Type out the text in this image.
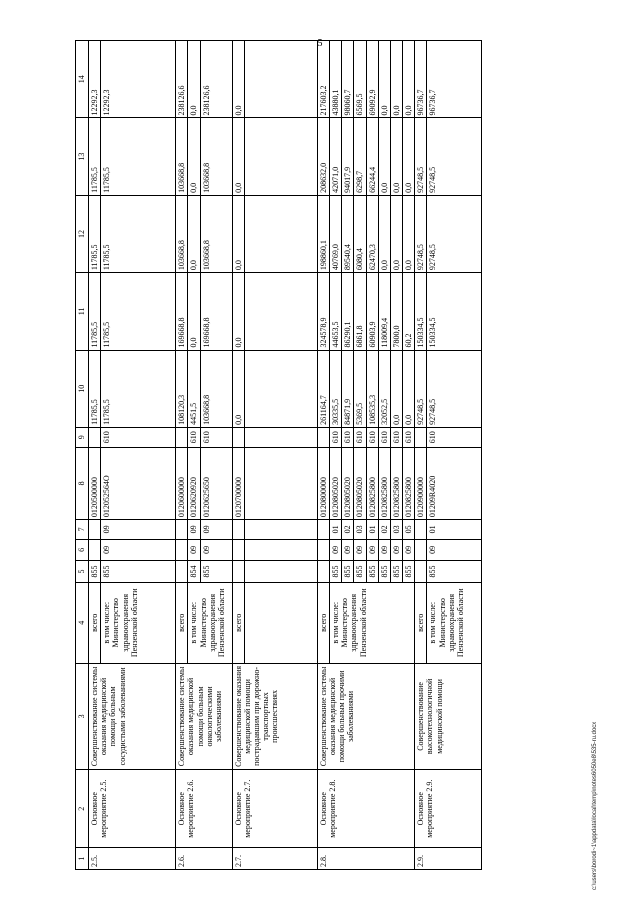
5
1	2	3	4	5	6	7	8	9	10	11	12	13	14
2.5.	Основное мероприятие 2.5.	Совершенствование системы оказания медицинской помощи больным сосудистыми заболеваниями	всего	855			0120500000		11785,5	11785,5	11785,5	11785,5	12292,3
			в том числе: Министерство здравоохранения Пензенской области	855	09	09	012052564Ο	610	11785,5	11785,5	11785,5	11785,5	12292,3
2.6.	Основное мероприятие 2.6.	Совершенствование системы оказания медицинской помощи больным онкологическими заболеваниями	всего				0120600000		108120,3	169668,8	103668,8	103668,8	238126,6
			в том числе: Министерство здравоохранения Пензенской области	854	09	09	0120620920	610	4451,5	0,0	0,0	0,0	0,0
				855	09	09	0120625650	610	103668,8	169668,8	103668,8	103668,8	238126,6
2.7.	Основное мероприятие 2.7.	Совершенствование оказания медицинской помощи пострадавшим при дорожно-транспортных происшествиях	всего				0120700000		0,0	0,0	0,0	0,0	0,0

2.8.	Основное мероприятие 2.8.	Совершенствование системы оказания медицинской помощи больным прочими заболеваниями	всего				0120800000		261164,7	324578,9	198860,1	208632,0	217603,2
			в том числе: Министерство здравоохранения Пензенской области	855	09	01	0120805020	610	30335,5	44653,5	40769,0	42071,0	43880,1
				855	09	02	0120805020	610	84871,9	86290,1	89540,4	94017,9	98060,7
				855	09	03	0120805020	610	5369,5	6861,8	6080,4	6298,7	6569,5
				855	09	01	0120825800	610	108535,3	60903,9	62470,3	66244,4	69092,9
				855	09	02	0120825800	610	32052,5	118009,4	0,0	0,0	0,0
				855	09	03	0120825800	610	0,0	7800,0	0,0	0,0	0,0
				855	09	05	0120825800	610	0,0	60,2	0,0	0,0	0,0
2.9.	Основное мероприятие 2.9.	Совершенствование высокотехнологичной медицинской помощи	всего				0120900000		92748,5	150334,5	92748,5	92748,5	96736,7
			в том числе: Министерство здравоохранения Пензенской области	855	09	01	01209R4020	610	92748,5	150334,5	92748,5	92748,5	96736,7
c:\users\borodi~1\appdata\local\temp\notes6050e8\535-ru.docx
